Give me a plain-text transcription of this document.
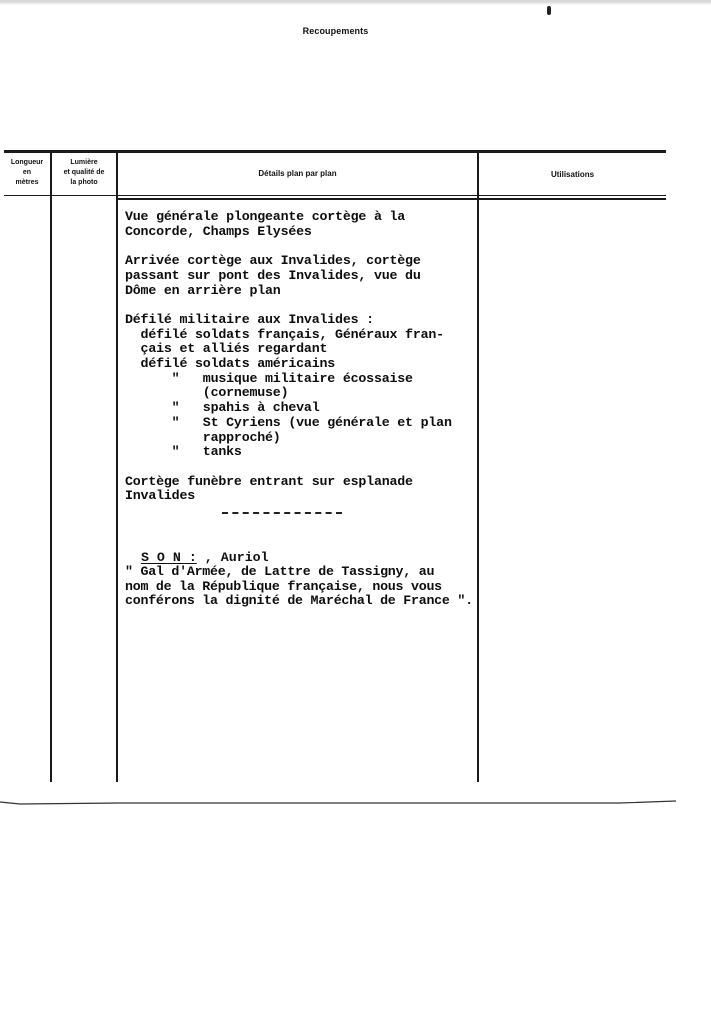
Recoupements
Longueur
en
mètres
Lumière
et qualité de
la photo
Détails plan par plan	Utilisations
Vue générale plongeante cortège à la
Concorde, Champs Elysées

Arrivée cortège aux Invalides, cortège
passant sur pont des Invalides, vue du
Dôme en arrière plan

Défilé militaire aux Invalides :
défilé soldats français, Généraux fran-
çais et alliés regardant
défilé soldats américains
"   musique militaire écossaise
(cornemuse)
"   spahis à cheval
"   St Cyriens (vue générale et plan
rapproché)
"   tanks

Cortège funèbre entrant sur esplanade
Invalides

S O N : , Auriol

" Gal d'Armée, de Lattre de Tassigny, au
nom de la République française, nous vous
conférons la dignité de Maréchal de France ".
